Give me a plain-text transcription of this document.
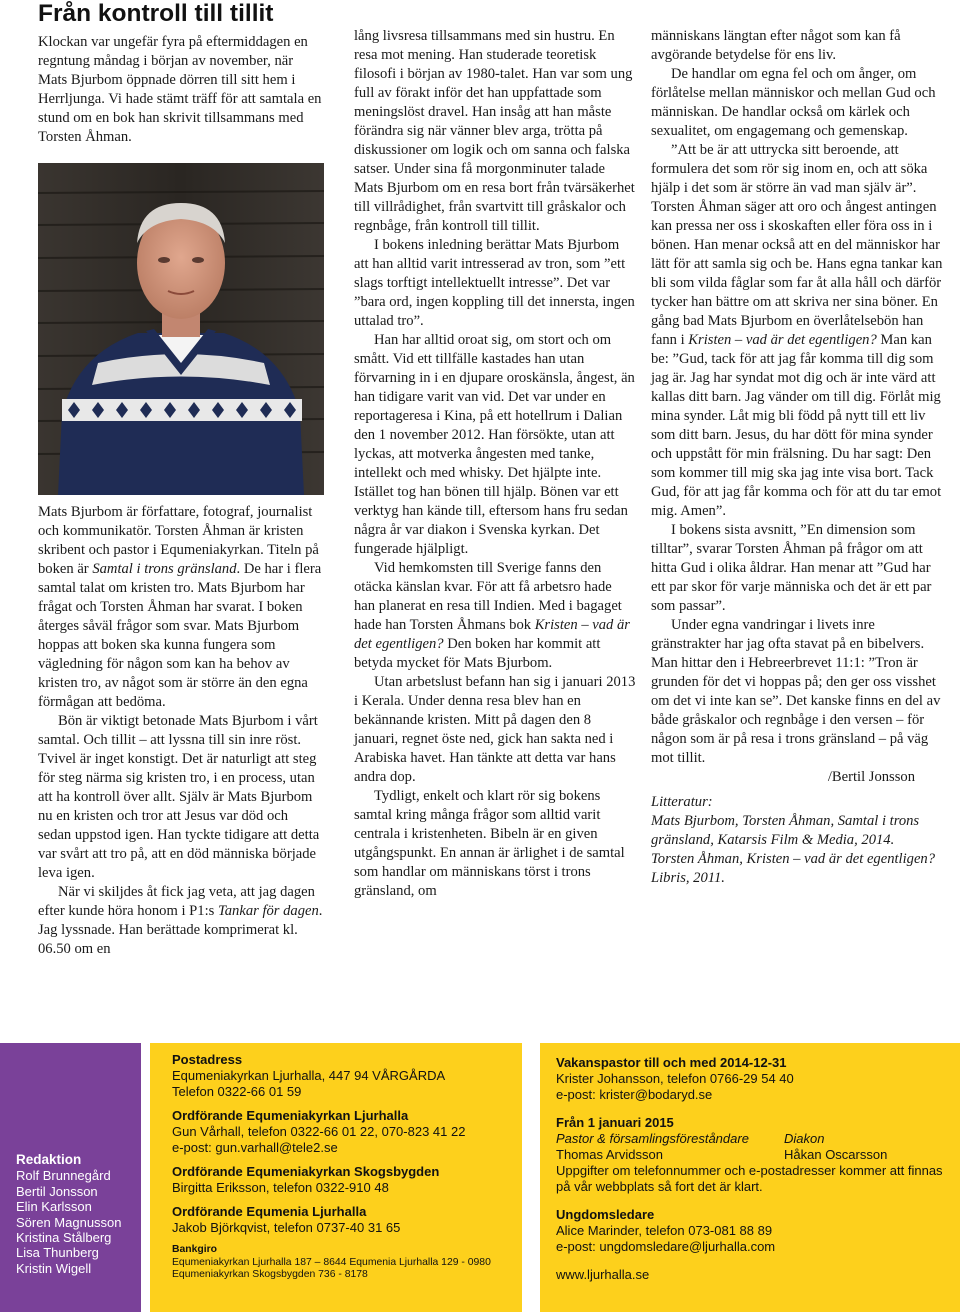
Från kontroll till tillit

Klockan var ungefär fyra på eftermiddagen en regntung måndag i början av november, när Mats Bjurbom öppnade dörren till sitt hem i Herrljunga. Vi hade stämt träff för att samtala en stund om en bok han skrivit tillsammans med Torsten Åhman.

Mats Bjurbom är författare, fotograf, journalist och kommunikatör. Torsten Åhman är kristen skribent och pastor i Equmeniakyrkan. Titeln på boken är Samtal i trons gränsland. De har i flera samtal talat om kristen tro. Mats Bjurbom har frågat och Torsten Åhman har svarat. I boken återges såväl frågor som svar. Mats Bjurbom hoppas att boken ska kunna fungera som vägledning för någon som kan ha behov av kristen tro, av något som är större än den egna förmågan att bedöma.

Bön är viktigt betonade Mats Bjurbom i vårt samtal. Och tillit – att lyssna till sin inre röst. Tvivel är inget konstigt. Det är naturligt att steg för steg närma sig kristen tro, i en process, utan att ha kontroll över allt. Själv är Mats Bjurbom nu en kristen och tror att Jesus var död och sedan uppstod igen. Han tyckte tidigare att detta var svårt att tro på, att en död människa började leva igen.

När vi skiljdes åt fick jag veta, att jag dagen efter kunde höra honom i P1:s Tankar för dagen. Jag lyssnade. Han berättade komprimerat kl. 06.50 om en

lång livsresa tillsammans med sin hustru. En resa mot mening. Han studerade teoretisk filosofi i början av 1980-talet. Han var som ung full av förakt inför det han uppfattade som meningslöst dravel. Han insåg att han måste förändra sig när vänner blev arga, trötta på diskussioner om logik och om sanna och falska satser. Under sina få morgonminuter talade Mats Bjurbom om en resa bort från tvärsäkerhet till villrådighet, från svartvitt till gråskalor och regnbåge, från kontroll till tillit.

I bokens inledning berättar Mats Bjurbom att han alltid varit intresserad av tron, som ”ett slags torftigt intellektuellt intresse”. Det var ”bara ord, ingen koppling till det innersta, ingen uttalad tro”.

Han har alltid oroat sig, om stort och om smått. Vid ett tillfälle kastades han utan förvarning in i en djupare oroskänsla, ångest, än han tidigare varit van vid. Det var under en reportageresa i Kina, på ett hotellrum i Dalian den 1 november 2012. Han försökte, utan att lyckas, att motverka ångesten med tanke, intellekt och med whisky. Det hjälpte inte. Istället tog han bönen till hjälp. Bönen var ett verktyg han kände till, eftersom hans fru sedan några år var diakon i Svenska kyrkan. Det fungerade hjälpligt.

Vid hemkomsten till Sverige fanns den otäcka känslan kvar. För att få arbetsro hade han planerat en resa till Indien. Med i bagaget hade han Torsten Åhmans bok Kristen – vad är det egentligen? Den boken har kommit att betyda mycket för Mats Bjurbom.

Utan arbetslust befann han sig i januari 2013 i Kerala. Under denna resa blev han en bekännande kristen. Mitt på dagen den 8 januari, regnet öste ned, gick han sakta ned i Arabiska havet. Han tänkte att detta var hans andra dop.

Tydligt, enkelt och klart rör sig bokens samtal kring många frågor som alltid varit centrala i kristenheten. Bibeln är en given utgångspunkt. En annan är ärlighet i de samtal som handlar om människans törst i trons gränsland, om

människans längtan efter något som kan få avgörande betydelse för ens liv.

De handlar om egna fel och om ånger, om förlåtelse mellan människor och mellan Gud och människan. De handlar också om kärlek och sexualitet, om engagemang och gemenskap.

”Att be är att uttrycka sitt beroende, att formulera det som rör sig inom en, och att söka hjälp i det som är större än vad man själv är”. Torsten Åhman säger att oro och ångest antingen kan pressa ner oss i skoskaften eller föra oss in i bönen. Han menar också att en del människor har lätt för att samla sig och be. Hans egna tankar kan bli som vilda fåglar som far åt alla håll och därför tycker han bättre om att skriva ner sina böner. En gång bad Mats Bjurbom en överlåtelsebön han fann i Kristen – vad är det egentligen? Man kan be: ”Gud, tack för att jag får komma till dig som jag är. Jag har syndat mot dig och är inte värd att kallas ditt barn. Jag vänder om till dig. Förlåt mig mina synder. Låt mig bli född på nytt till ett liv som ditt barn. Jesus, du har dött för mina synder och uppstått för min frälsning. Du har sagt: Den som kommer till mig ska jag inte visa bort. Tack Gud, för att jag får komma och för att du tar emot mig. Amen”.

I bokens sista avsnitt, ”En dimension som tilltar”, svarar Torsten Åhman på frågor om att hitta Gud i olika åldrar. Han menar att ”Gud har ett par skor för varje människa och det är ett par som passar”.

Under egna vandringar i livets inre gränstrakter har jag ofta stavat på en bibelvers. Man hittar den i Hebreerbrevet 11:1: ”Tron är grunden för det vi hoppas på; den ger oss visshet om det vi inte kan se”. Det kanske finns en del av både gråskalor och regnbåge i den versen – för någon som är på resa i trons gränsland – på väg mot tillit.

/Bertil Jonsson

Litteratur:
Mats Bjurbom, Torsten Åhman, Samtal i trons gränsland, Katarsis Film & Media, 2014.
Torsten Åhman, Kristen – vad är det egentligen? Libris, 2011.
Redaktion
Rolf Brunnegård
Bertil Jonsson
Elin Karlsson
Sören Magnusson
Kristina Stålberg
Lisa Thunberg
Kristin Wigell
Postadress
Equmeniakyrkan Ljurhalla, 447 94 VÅRGÅRDA
Telefon 0322-66 01 59
Ordförande Equmeniakyrkan Ljurhalla
Gun Vårhall, telefon 0322-66 01 22, 070-823 41 22
e-post: gun.varhall@tele2.se
Ordförande Equmeniakyrkan Skogsbygden
Birgitta Eriksson, telefon 0322-910 48
Ordförande Equmenia Ljurhalla
Jakob Björkqvist, telefon 0737-40 31 65
Bankgiro
Equmeniakyrkan Ljurhalla 187 – 8644 Equmenia Ljurhalla 129 - 0980
Equmeniakyrkan Skogsbygden 736 - 8178
Vakanspastor till och med 2014-12-31
Krister Johansson, telefon 0766-29 54 40
e-post: krister@bodaryd.se
Från 1 januari 2015
Pastor & församlingsföreståndare	Diakon
Thomas Arvidsson	Håkan Oscarsson
Uppgifter om telefonnummer och e-postadresser kommer att finnas på vår webbplats så fort det är klart.
Ungdomsledare
Alice Marinder, telefon 073-081 88 89
e-post: ungdomsledare@ljurhalla.com
www.ljurhalla.se
